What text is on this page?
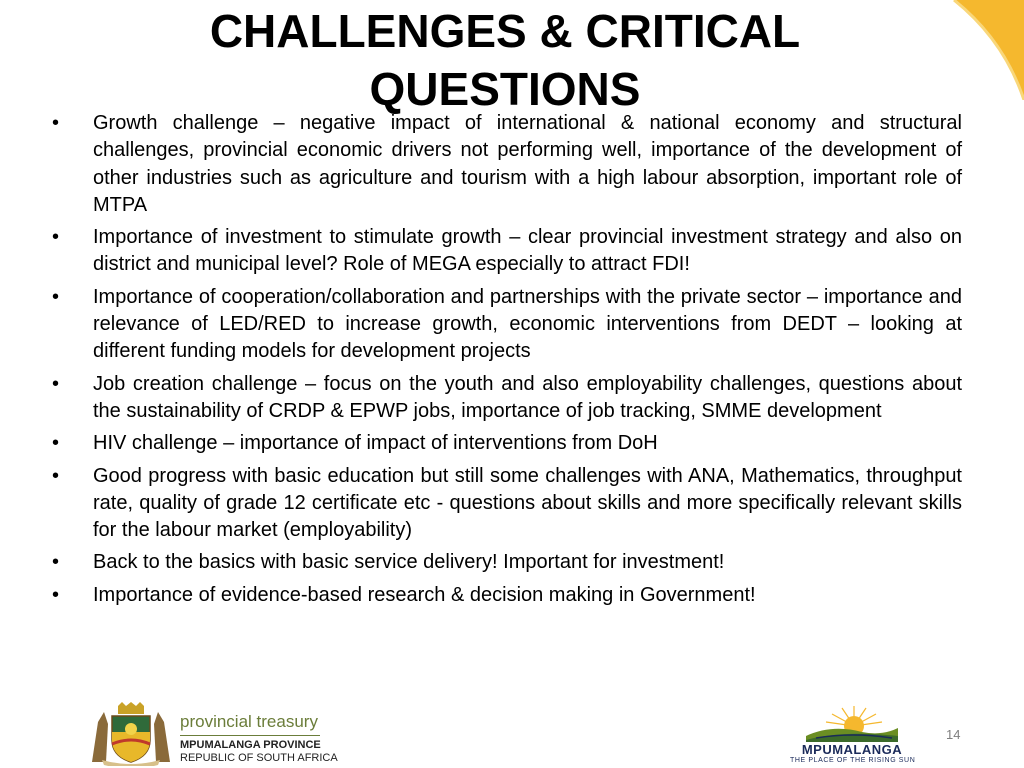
CHALLENGES & CRITICAL QUESTIONS
• Growth challenge – negative impact of international & national economy and structural challenges, provincial economic drivers not performing well, importance of the development of other industries such as agriculture and tourism with a high labour absorption, important role of MTPA
• Importance of investment to stimulate growth – clear provincial investment strategy and also on district and municipal level? Role of MEGA especially to attract FDI!
• Importance of cooperation/collaboration and partnerships with the private sector – importance and relevance of LED/RED to increase growth, economic interventions from DEDT – looking at different funding models for development projects
• Job creation challenge – focus on the youth and also employability challenges, questions about the sustainability of CRDP & EPWP jobs, importance of job tracking, SMME development
• HIV challenge – importance of impact of interventions from DoH
• Good progress with basic education but still some challenges with ANA, Mathematics, throughput rate, quality of grade 12 certificate etc - questions about skills and more specifically relevant skills for the labour market (employability)
• Back to the basics with basic service delivery! Important for investment!
• Importance of evidence-based research & decision making in Government!
provincial treasury
MPUMALANGA PROVINCE
REPUBLIC OF SOUTH AFRICA
MPUMALANGA
THE PLACE OF THE RISING SUN
14
